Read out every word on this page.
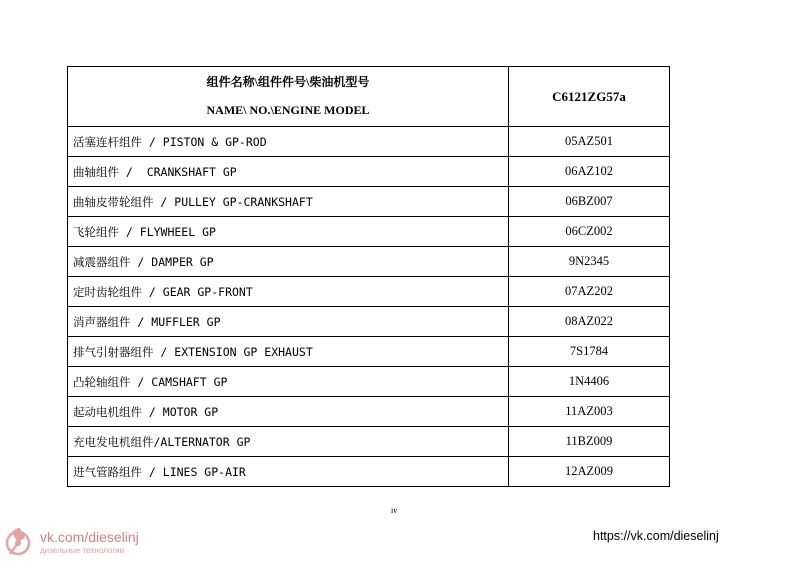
组件名称\组件件号\柴油机型号
NAME\ NO.\ENGINE MODEL	C6121ZG57a
活塞连杆组件 / PISTON & GP-ROD	05AZ501
曲轴组件 /  CRANKSHAFT GP	06AZ102
曲轴皮带轮组件 / PULLEY GP-CRANKSHAFT	06BZ007
飞轮组件 / FLYWHEEL GP	06CZ002
减震器组件 / DAMPER GP	9N2345
定时齿轮组件 / GEAR GP-FRONT	07AZ202
消声器组件 / MUFFLER GP	08AZ022
排气引射器组件 / EXTENSION GP EXHAUST	7S1784
凸轮轴组件 / CAMSHAFT GP	1N4406
起动电机组件 / MOTOR GP	11AZ003
充电发电机组件/ALTERNATOR GP	11BZ009
进气管路组件 / LINES GP-AIR	12AZ009
iv
vk.com/dieselinj
дизельные технологии
https://vk.com/dieselinj
